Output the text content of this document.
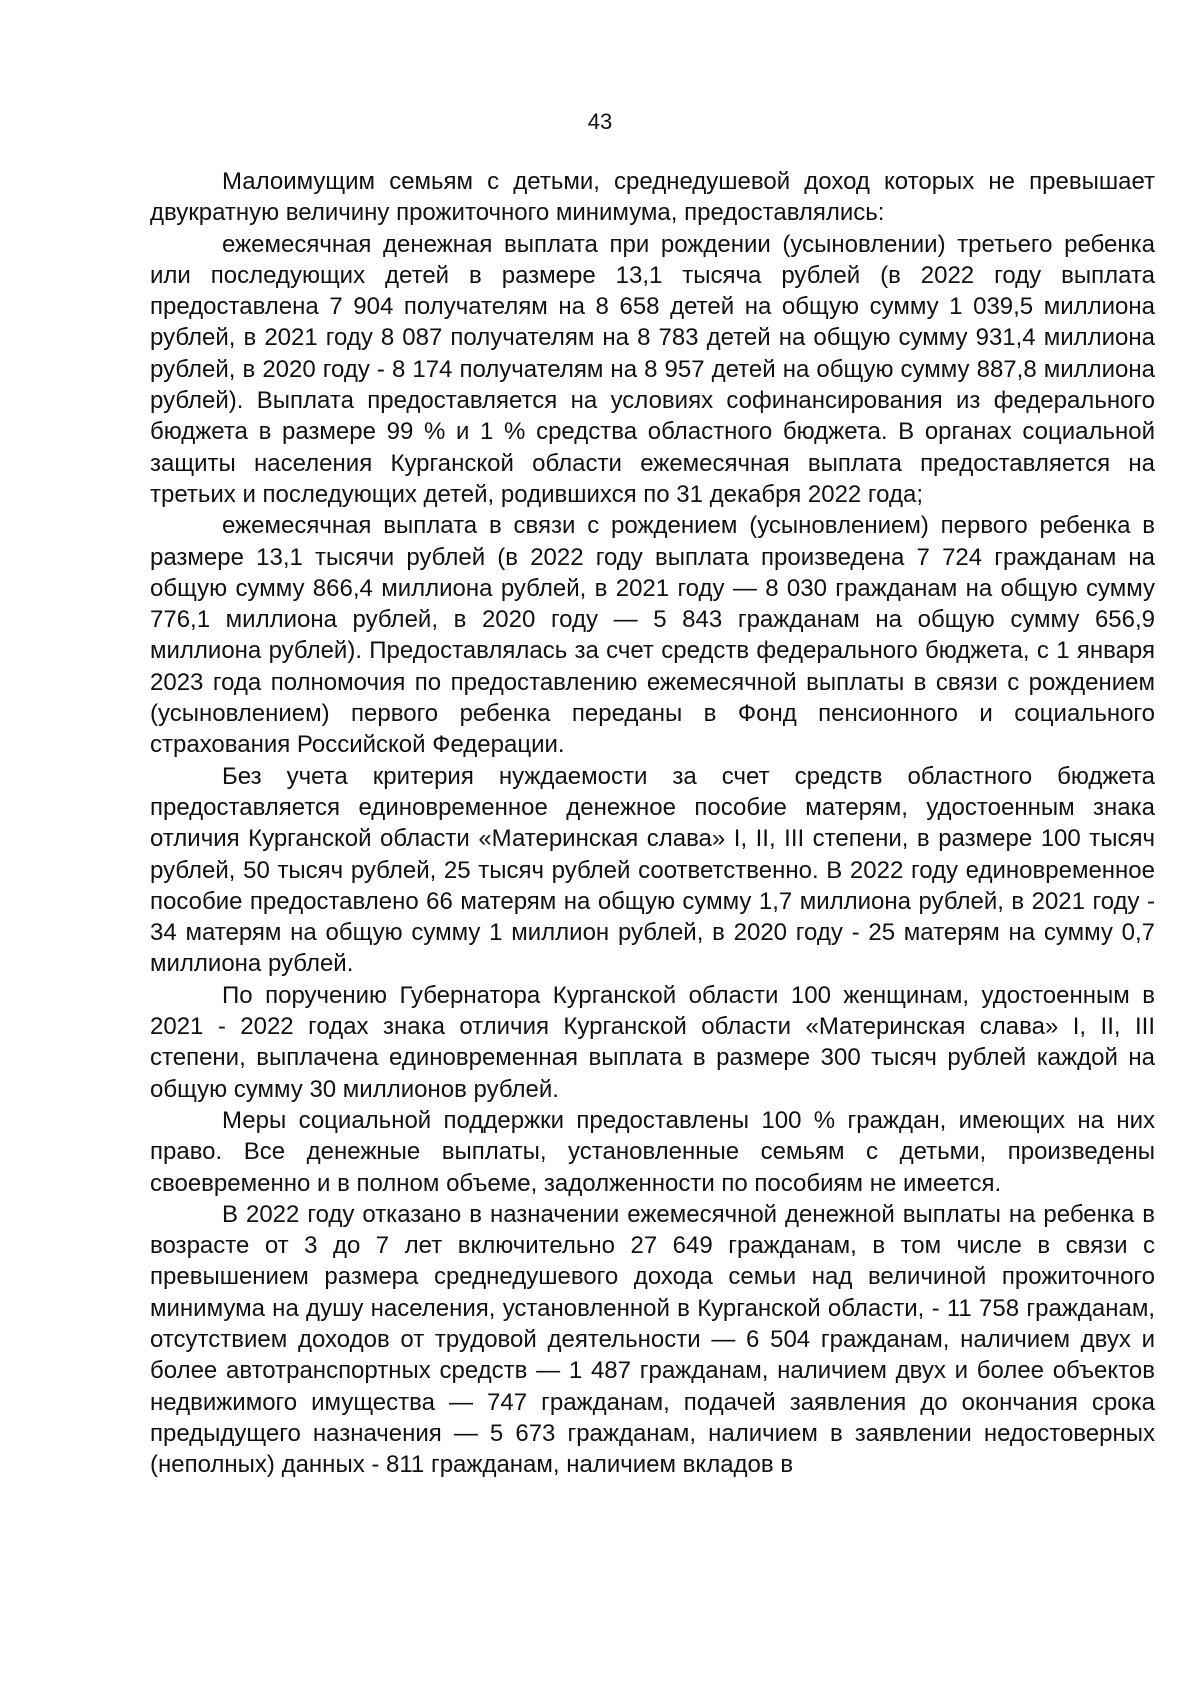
43

Малоимущим семьям с детьми, среднедушевой доход которых не превышает двукратную величину прожиточного минимума, предоставлялись:

ежемесячная денежная выплата при рождении (усыновлении) третьего ребенка или последующих детей в размере 13,1 тысяча рублей (в 2022 году выплата предоставлена 7 904 получателям на 8 658 детей на общую сумму 1 039,5 миллиона рублей, в 2021 году 8 087 получателям на 8 783 детей на общую сумму 931,4 миллиона рублей, в 2020 году - 8 174 получателям на 8 957 детей на общую сумму 887,8 миллиона рублей). Выплата предоставляется на условиях софинансирования из федерального бюджета в размере 99 % и 1 % средства областного бюджета. В органах социальной защиты населения Курганской области ежемесячная выплата предоставляется на третьих и последующих детей, родившихся по 31 декабря 2022 года;

ежемесячная выплата в связи с рождением (усыновлением) первого ребенка в размере 13,1 тысячи рублей (в 2022 году выплата произведена 7 724 гражданам на общую сумму 866,4 миллиона рублей, в 2021 году — 8 030 гражданам на общую сумму 776,1 миллиона рублей, в 2020 году — 5 843 гражданам на общую сумму 656,9 миллиона рублей). Предоставлялась за счет средств федерального бюджета, с 1 января 2023 года полномочия по предоставлению ежемесячной выплаты в связи с рождением (усыновлением) первого ребенка переданы в Фонд пенсионного и социального страхования Российской Федерации.

Без учета критерия нуждаемости за счет средств областного бюджета предоставляется единовременное денежное пособие матерям, удостоенным знака отличия Курганской области «Материнская слава» I, II, III степени, в размере 100 тысяч рублей, 50 тысяч рублей, 25 тысяч рублей соответственно. В 2022 году единовременное пособие предоставлено 66 матерям на общую сумму 1,7 миллиона рублей, в 2021 году - 34 матерям на общую сумму 1 миллион рублей, в 2020 году - 25 матерям на сумму 0,7 миллиона рублей.

По поручению Губернатора Курганской области 100 женщинам, удостоенным в 2021 - 2022 годах знака отличия Курганской области «Материнская слава» I, II, III степени, выплачена единовременная выплата в размере 300 тысяч рублей каждой на общую сумму 30 миллионов рублей.

Меры социальной поддержки предоставлены 100 % граждан, имеющих на них право. Все денежные выплаты, установленные семьям с детьми, произведены своевременно и в полном объеме, задолженности по пособиям не имеется.

В 2022 году отказано в назначении ежемесячной денежной выплаты на ребенка в возрасте от 3 до 7 лет включительно 27 649 гражданам, в том числе в связи с превышением размера среднедушевого дохода семьи над величиной прожиточного минимума на душу населения, установленной в Курганской области, - 11 758 гражданам, отсутствием доходов от трудовой деятельности — 6 504 гражданам, наличием двух и более автотранспортных средств — 1 487 гражданам, наличием двух и более объектов недвижимого имущества — 747 гражданам, подачей заявления до окончания срока предыдущего назначения — 5 673 гражданам, наличием в заявлении недостоверных (неполных) данных - 811 гражданам, наличием вкладов в
